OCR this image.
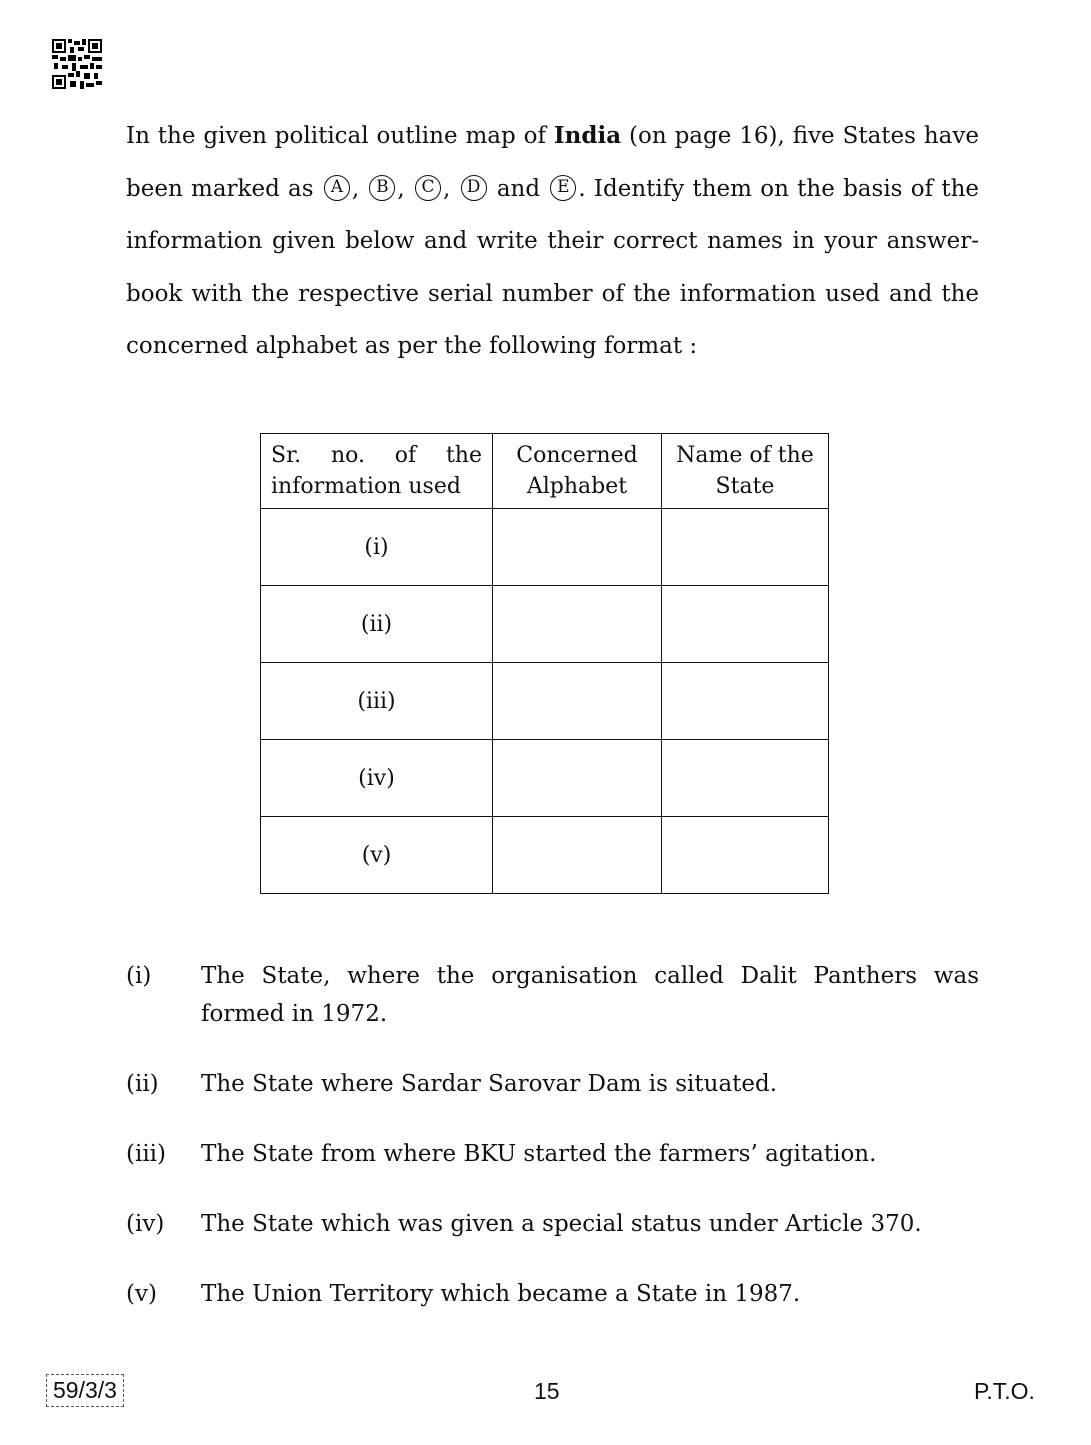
In the given political outline map of India (on page 16), five States have been marked as A , B , C , D and E . Identify them on the basis of the information given below and write their correct names in your answer-book with the respective serial number of the information used and the concerned alphabet as per the following format :
Sr. no. of the information used	Concerned Alphabet	Name of the State
(i)		
(ii)		
(iii)		
(iv)		
(v)		
(i)	The State, where the organisation called Dalit Panthers was formed in 1972.
(ii)	The State where Sardar Sarovar Dam is situated.
(iii)	The State from where BKU started the farmers’ agitation.
(iv)	The State which was given a special status under Article 370.
(v)	The Union Territory which became a State in 1987.
59/3/3	15	P.T.O.
